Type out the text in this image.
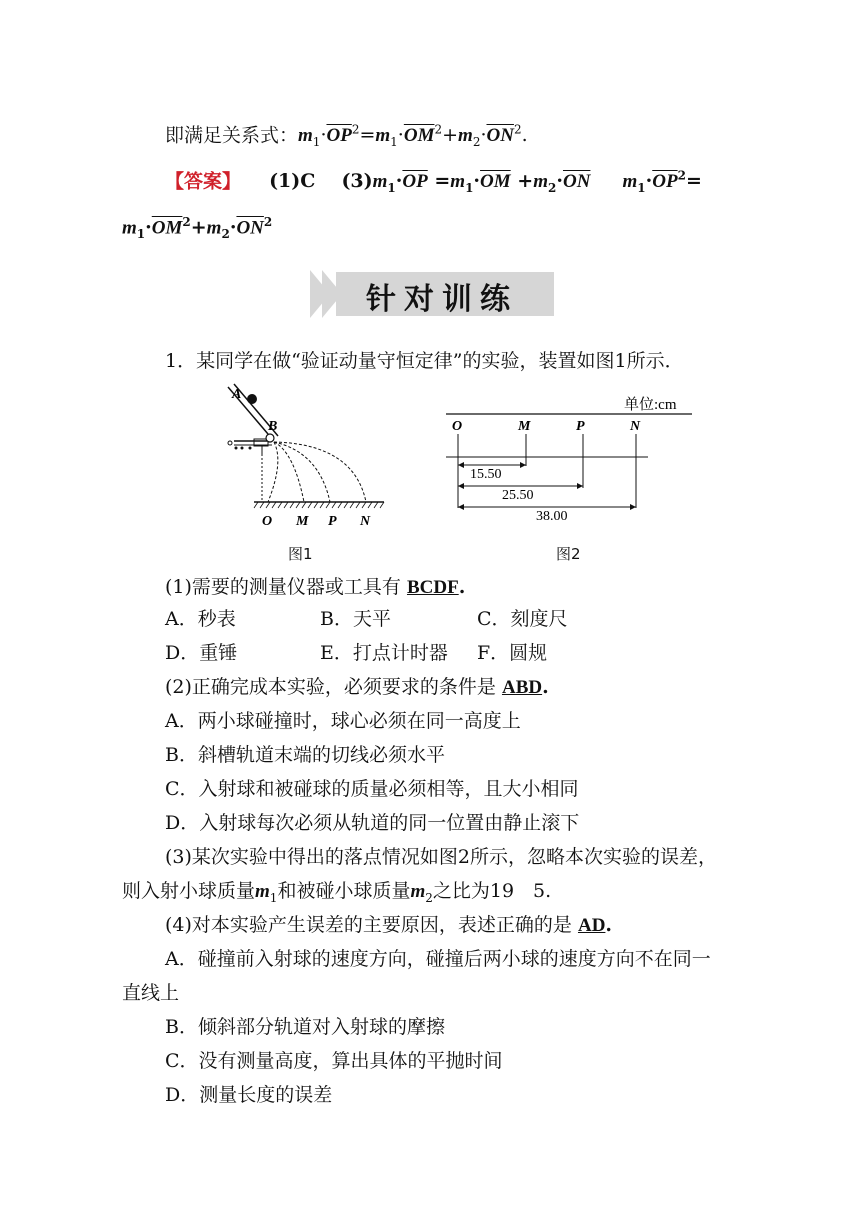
即满足关系式：$m_1\cdot\overline{OP}^2=m_1\cdot\overline{OM}^2+m_2\cdot\overline{ON}^2$.
【答案】 (1)C $(3)m_1\cdot\overline{OP} =m_1\cdot\overline{OM} +m_2\cdot\overline{ON}$ $m_1\cdot\overline{OP}^2=$
$m_1\cdot\overline{OM}^2+m_2\cdot\overline{ON}^2$
针对训练
1．某同学在做“验证动量守恒定律”的实验，装置如图1所示．
A
B
O M P N
图1
单位:cm
O	M	P	N
15.50
25.50
38.00
图2
(1)需要的测量仪器或工具有 BCDF.
A．秒表	B．天平	C．刻度尺
D．重锤	E．打点计时器 F．圆规
(2)正确完成本实验，必须要求的条件是 ABD.
A．两小球碰撞时，球心必须在同一高度上
B．斜槽轨道末端的切线必须水平
C．入射球和被碰球的质量必须相等，且大小相同
D．入射球每次必须从轨道的同一位置由静止滚下
(3)某次实验中得出的落点情况如图2所示，忽略本次实验的误差，
则入射小球质量$m_1$和被碰小球质量$m_2$之比为19　5.
(4)对本实验产生误差的主要原因，表述正确的是 AD.
A．碰撞前入射球的速度方向，碰撞后两小球的速度方向不在同一
直线上
B．倾斜部分轨道对入射球的摩擦
C．没有测量高度，算出具体的平抛时间
D．测量长度的误差
